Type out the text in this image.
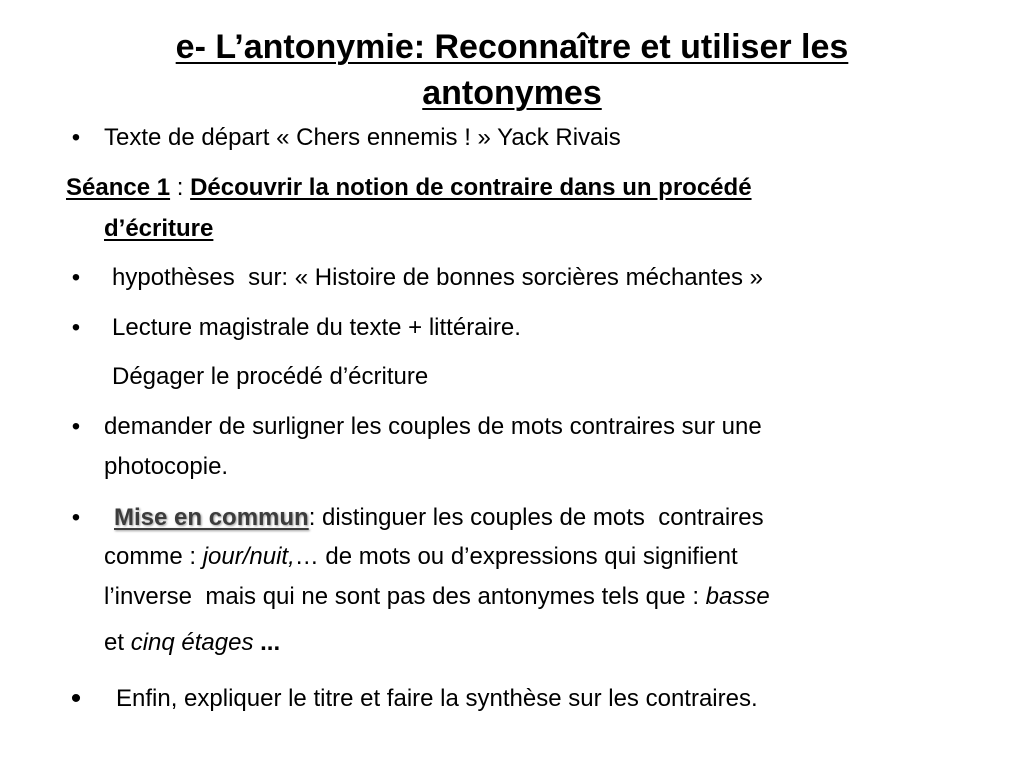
e- L’antonymie: Reconnaître et utiliser les
antonymes
• Texte de départ « Chers ennemis ! » Yack Rivais
Séance 1 : Découvrir la notion de contraire dans un procédé
d’écriture
• hypothèses  sur: « Histoire de bonnes sorcières méchantes »
• Lecture magistrale du texte + littéraire.
Dégager le procédé d’écriture
• demander de surligner les couples de mots contraires sur une
photocopie.
• Mise en commun: distinguer les couples de mots  contraires
comme : jour/nuit,… de mots ou d’expressions qui signifient
l’inverse  mais qui ne sont pas des antonymes tels que : basse
et cinq étages ...
• Enfin, expliquer le titre et faire la synthèse sur les contraires.
